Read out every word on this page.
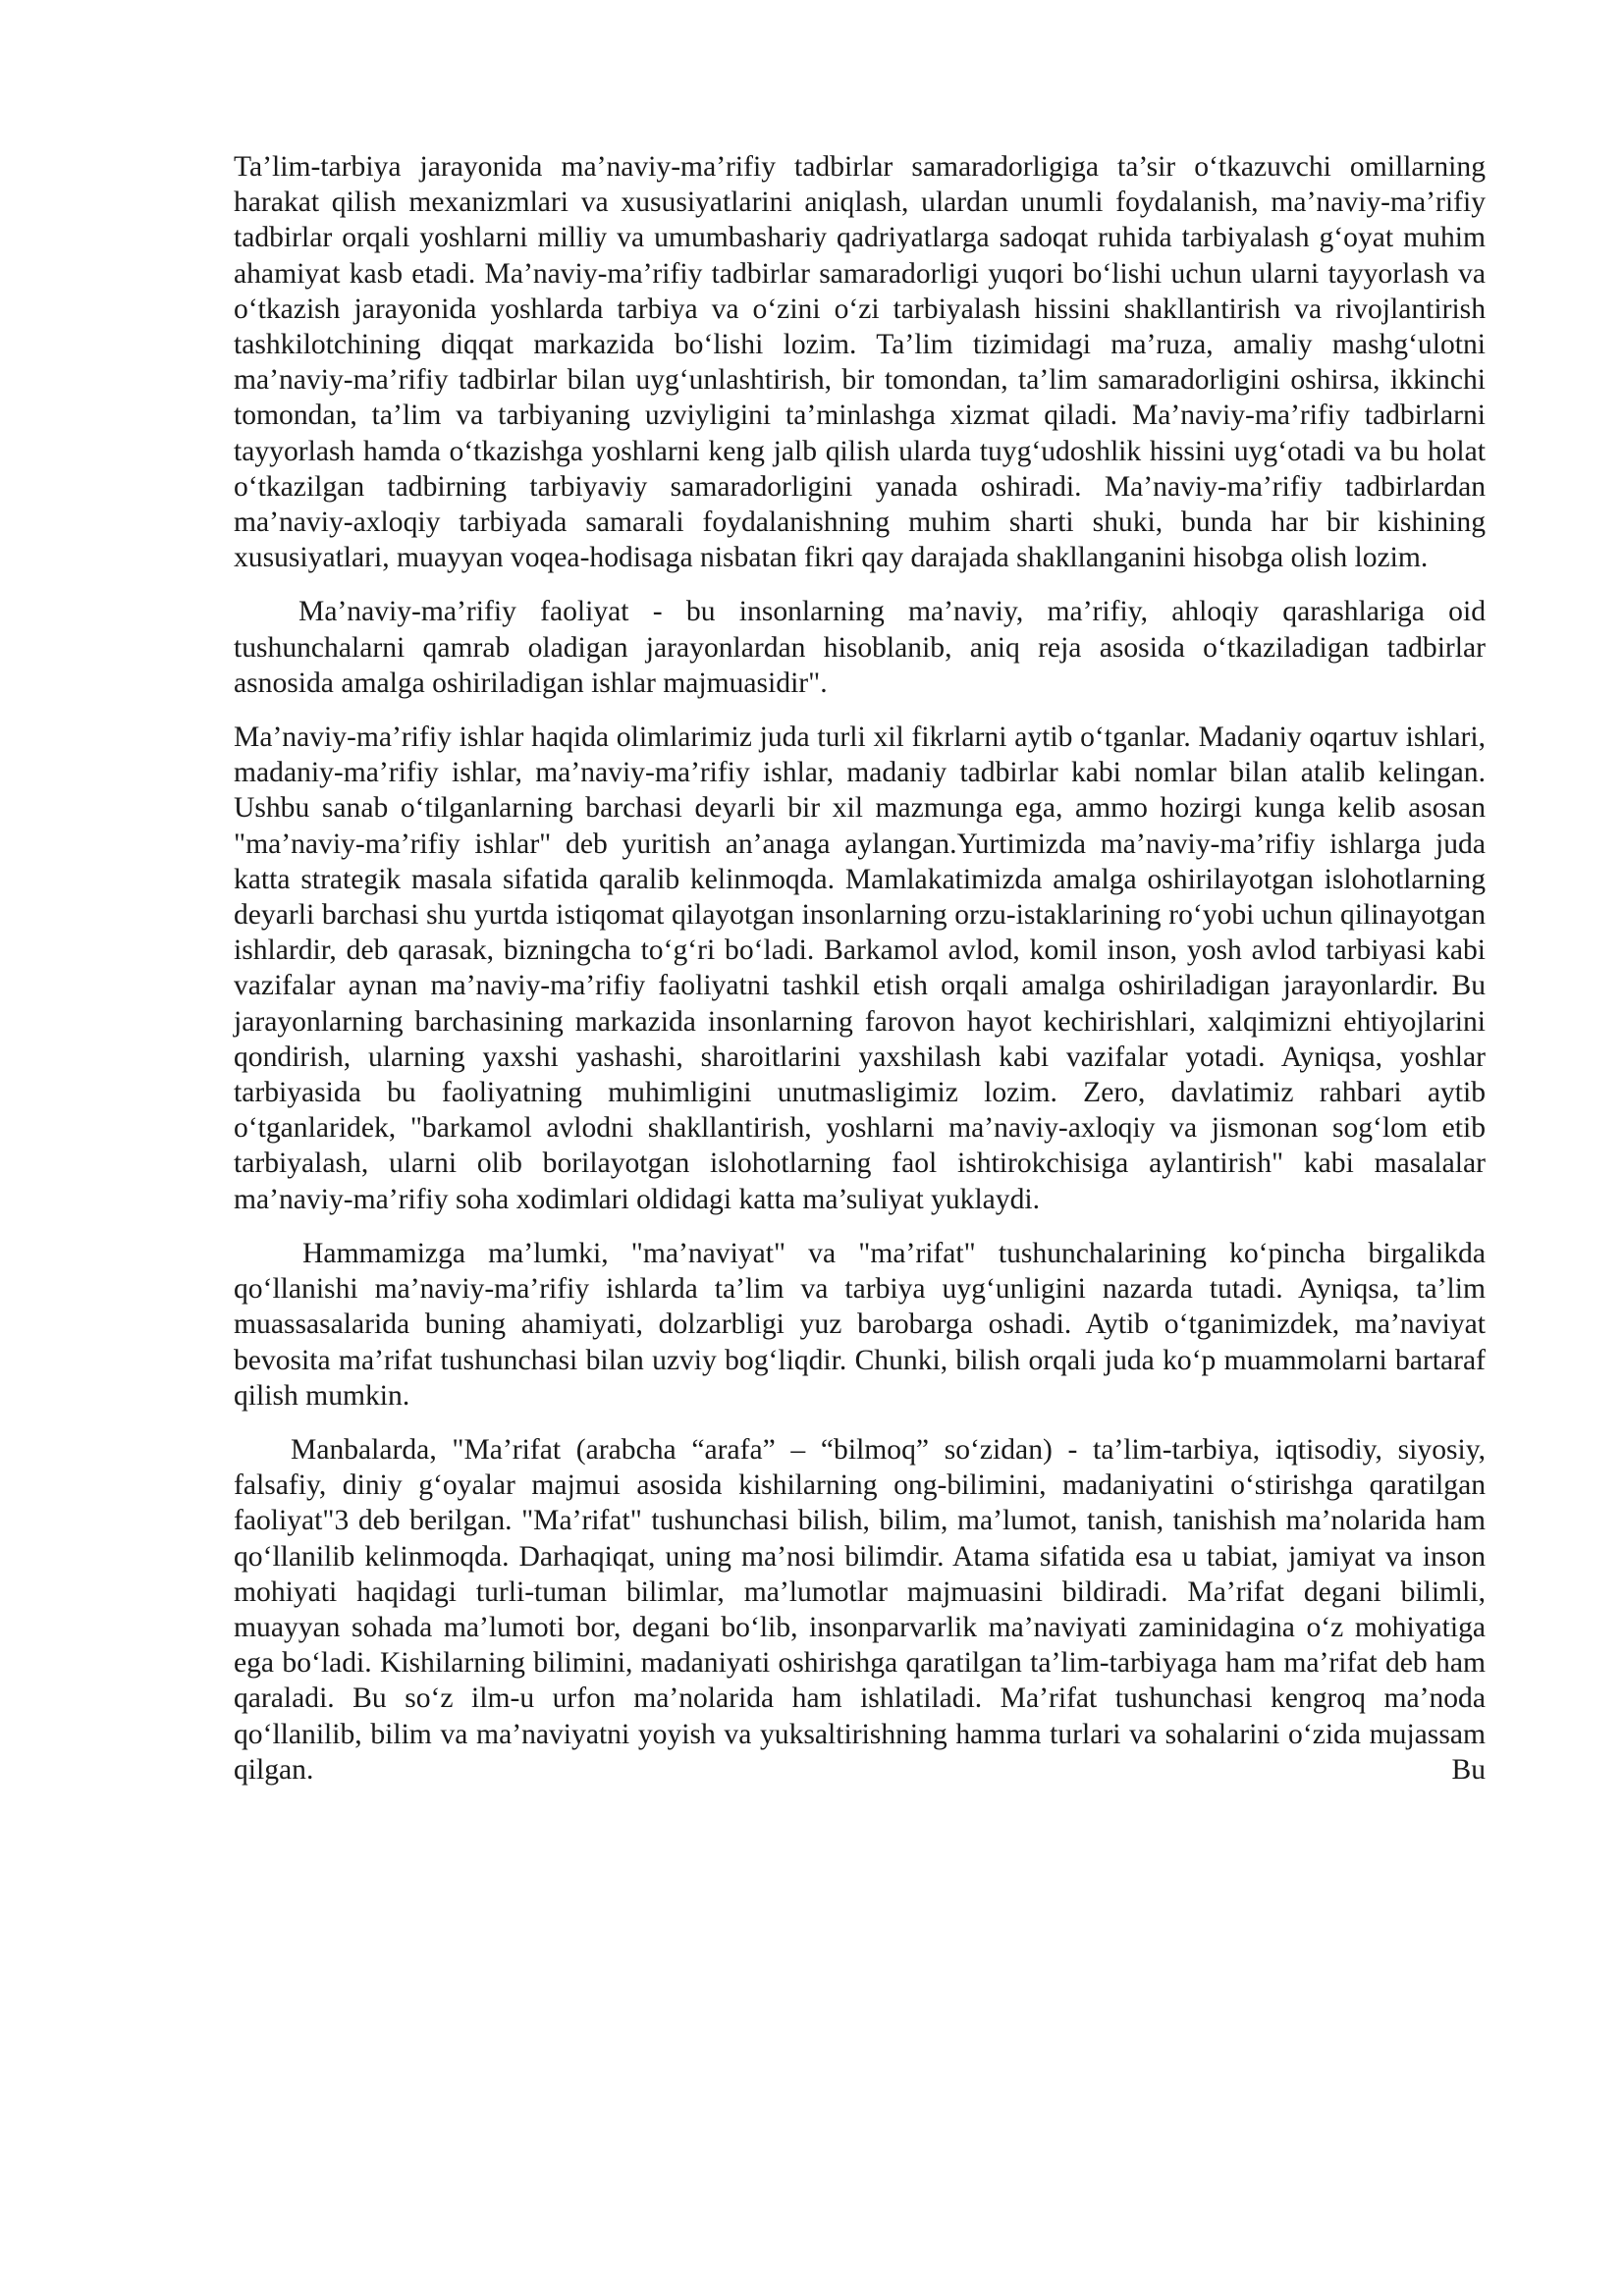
Ta’lim-tarbiya jarayonida ma’naviy-ma’rifiy tadbirlar samaradorligiga ta’sir o‘tkazuvchi omillarning harakat qilish mexanizmlari va xususiyatlarini aniqlash, ulardan unumli foydalanish, ma’naviy-ma’rifiy tadbirlar orqali yoshlarni milliy va umumbashariy qadriyatlarga sadoqat ruhida tarbiyalash g‘oyat muhim ahamiyat kasb etadi. Ma’naviy-ma’rifiy tadbirlar samaradorligi yuqori bo‘lishi uchun ularni tayyorlash va o‘tkazish jarayonida yoshlarda tarbiya va o‘zini o‘zi tarbiyalash hissini shakllantirish va rivojlantirish tashkilotchining diqqat markazida bo‘lishi lozim. Ta’lim tizimidagi ma’ruza, amaliy mashg‘ulotni ma’naviy-ma’rifiy tadbirlar bilan uyg‘unlashtirish, bir tomondan, ta’lim samaradorligini oshirsa, ikkinchi tomondan, ta’lim va tarbiyaning uzviyligini ta’minlashga xizmat qiladi. Ma’naviy-ma’rifiy tadbirlarni tayyorlash hamda o‘tkazishga yoshlarni keng jalb qilish ularda tuyg‘udoshlik hissini uyg‘otadi va bu holat o‘tkazilgan tadbirning tarbiyaviy samaradorligini yanada oshiradi. Ma’naviy-ma’rifiy tadbirlardan ma’naviy-axloqiy tarbiyada samarali foydalanishning muhim sharti shuki, bunda har bir kishining xususiyatlari, muayyan voqea-hodisaga nisbatan fikri qay darajada shakllanganini hisobga olish lozim.

Ma’naviy-ma’rifiy faoliyat - bu insonlarning ma’naviy, ma’rifiy, ahloqiy qarashlariga oid tushunchalarni qamrab oladigan jarayonlardan hisoblanib, aniq reja asosida o‘tkaziladigan tadbirlar asnosida amalga oshiriladigan ishlar majmuasidir".

Ma’naviy-ma’rifiy ishlar haqida olimlarimiz juda turli xil fikrlarni aytib o‘tganlar. Madaniy oqartuv ishlari, madaniy-ma’rifiy ishlar, ma’naviy-ma’rifiy ishlar, madaniy tadbirlar kabi nomlar bilan atalib kelingan. Ushbu sanab o‘tilganlarning barchasi deyarli bir xil mazmunga ega, ammo hozirgi kunga kelib asosan "ma’naviy-ma’rifiy ishlar" deb yuritish an’anaga aylangan.Yurtimizda ma’naviy-ma’rifiy ishlarga juda katta strategik masala sifatida qaralib kelinmoqda. Mamlakatimizda amalga oshirilayotgan islohotlarning deyarli barchasi shu yurtda istiqomat qilayotgan insonlarning orzu-istaklarining ro‘yobi uchun qilinayotgan ishlardir, deb qarasak, bizningcha to‘g‘ri bo‘ladi. Barkamol avlod, komil inson, yosh avlod tarbiyasi kabi vazifalar aynan ma’naviy-ma’rifiy faoliyatni tashkil etish orqali amalga oshiriladigan jarayonlardir. Bu jarayonlarning barchasining markazida insonlarning farovon hayot kechirishlari, xalqimizni ehtiyojlarini qondirish, ularning yaxshi yashashi, sharoitlarini yaxshilash kabi vazifalar yotadi. Ayniqsa, yoshlar tarbiyasida bu faoliyatning muhimligini unutmasligimiz lozim. Zero, davlatimiz rahbari aytib o‘tganlaridek, "barkamol avlodni shakllantirish, yoshlarni ma’naviy-axloqiy va jismonan sog‘lom etib tarbiyalash, ularni olib borilayotgan islohotlarning faol ishtirokchisiga aylantirish" kabi masalalar ma’naviy-ma’rifiy soha xodimlari oldidagi katta ma’suliyat yuklaydi.

Hammamizga ma’lumki, "ma’naviyat" va "ma’rifat" tushunchalarining ko‘pincha birgalikda qo‘llanishi ma’naviy-ma’rifiy ishlarda ta’lim va tarbiya uyg‘unligini nazarda tutadi. Ayniqsa, ta’lim muassasalarida buning ahamiyati, dolzarbligi yuz barobarga oshadi. Aytib o‘tganimizdek, ma’naviyat bevosita ma’rifat tushunchasi bilan uzviy bog‘liqdir. Chunki, bilish orqali juda ko‘p muammolarni bartaraf qilish mumkin.

Manbalarda, "Ma’rifat (arabcha “arafa” – “bilmoq” so‘zidan) - ta’lim-tarbiya, iqtisodiy, siyosiy, falsafiy, diniy g‘oyalar majmui asosida kishilarning ong-bilimini, madaniyatini o‘stirishga qaratilgan faoliyat"3 deb berilgan. "Ma’rifat" tushunchasi bilish, bilim, ma’lumot, tanish, tanishish ma’nolarida ham qo‘llanilib kelinmoqda. Darhaqiqat, uning ma’nosi bilimdir. Atama sifatida esa u tabiat, jamiyat va inson mohiyati haqidagi turli-tuman bilimlar, ma’lumotlar majmuasini bildiradi. Ma’rifat degani bilimli, muayyan sohada ma’lumoti bor, degani bo‘lib, insonparvarlik ma’naviyati zaminidagina o‘z mohiyatiga ega bo‘ladi. Kishilarning bilimini, madaniyati oshirishga qaratilgan ta’lim-tarbiyaga ham ma’rifat deb ham qaraladi. Bu so‘z ilm-u urfon ma’nolarida ham ishlatiladi. Ma’rifat tushunchasi kengroq ma’noda qo‘llanilib, bilim va ma’naviyatni yoyish va yuksaltirishning hamma turlari va sohalarini o‘zida mujassam qilgan. Bu
